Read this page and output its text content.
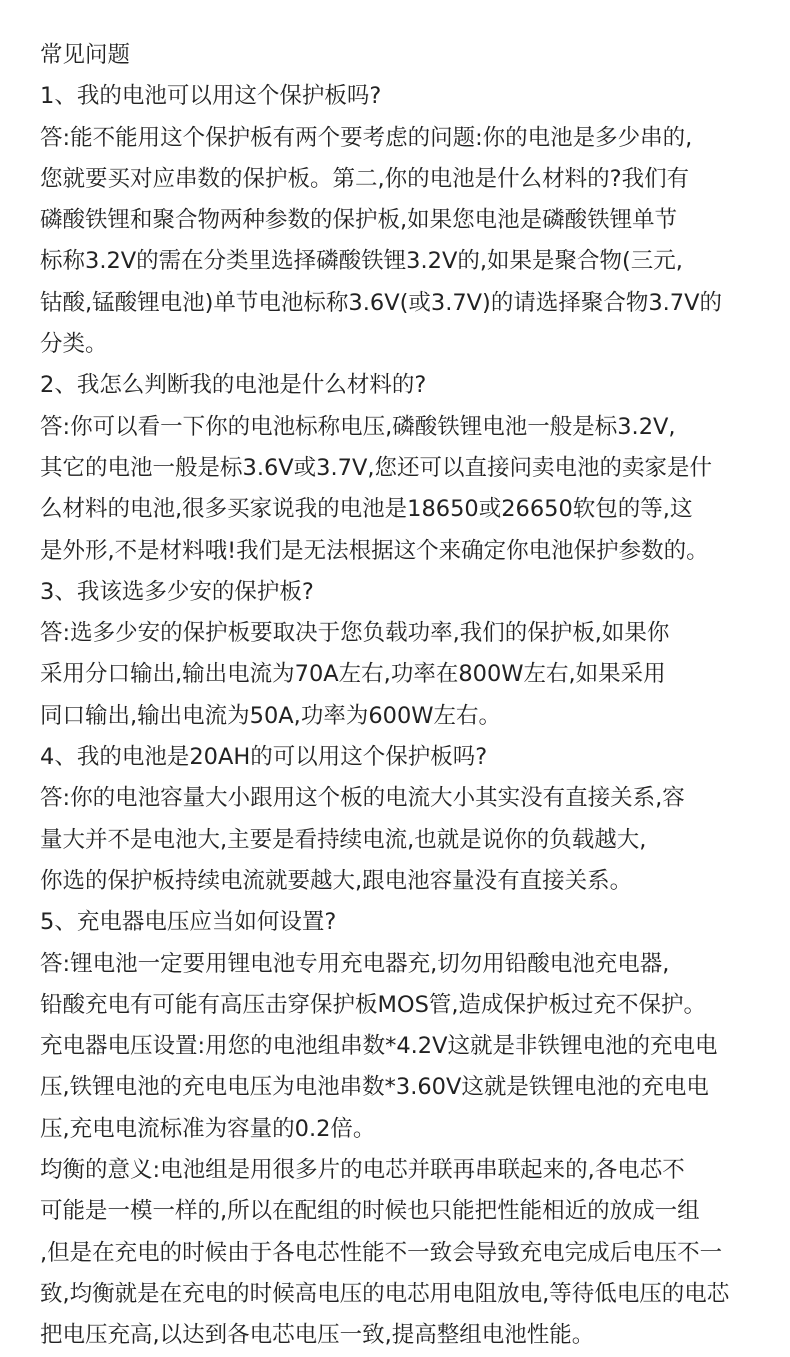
常见问题
1、我的电池可以用这个保护板吗?
答:能不能用这个保护板有两个要考虑的问题:你的电池是多少串的,
您就要买对应串数的保护板。第二,你的电池是什么材料的?我们有
磷酸铁锂和聚合物两种参数的保护板,如果您电池是磷酸铁锂单节
标称3.2V的需在分类里选择磷酸铁锂3.2V的,如果是聚合物(三元,
钴酸,锰酸锂电池)单节电池标称3.6V(或3.7V)的请选择聚合物3.7V的
分类。
2、我怎么判断我的电池是什么材料的?
答:你可以看一下你的电池标称电压,磷酸铁锂电池一般是标3.2V,
其它的电池一般是标3.6V或3.7V,您还可以直接问卖电池的卖家是什
么材料的电池,很多买家说我的电池是18650或26650软包的等,这
是外形,不是材料哦!我们是无法根据这个来确定你电池保护参数的。
3、我该选多少安的保护板?
答:选多少安的保护板要取决于您负载功率,我们的保护板,如果你
采用分口输出,输出电流为70A左右,功率在800W左右,如果采用
同口输出,输出电流为50A,功率为600W左右。
4、我的电池是20AH的可以用这个保护板吗?
答:你的电池容量大小跟用这个板的电流大小其实没有直接关系,容
量大并不是电池大,主要是看持续电流,也就是说你的负载越大,
你选的保护板持续电流就要越大,跟电池容量没有直接关系。
5、充电器电压应当如何设置?
答:锂电池一定要用锂电池专用充电器充,切勿用铅酸电池充电器,
铅酸充电有可能有高压击穿保护板MOS管,造成保护板过充不保护。
充电器电压设置:用您的电池组串数*4.2V这就是非铁锂电池的充电电
压,铁锂电池的充电电压为电池串数*3.60V这就是铁锂电池的充电电
压,充电电流标准为容量的0.2倍。
均衡的意义:电池组是用很多片的电芯并联再串联起来的,各电芯不
可能是一模一样的,所以在配组的时候也只能把性能相近的放成一组
,但是在充电的时候由于各电芯性能不一致会导致充电完成后电压不一
致,均衡就是在充电的时候高电压的电芯用电阻放电,等待低电压的电芯
把电压充高,以达到各电芯电压一致,提高整组电池性能。
